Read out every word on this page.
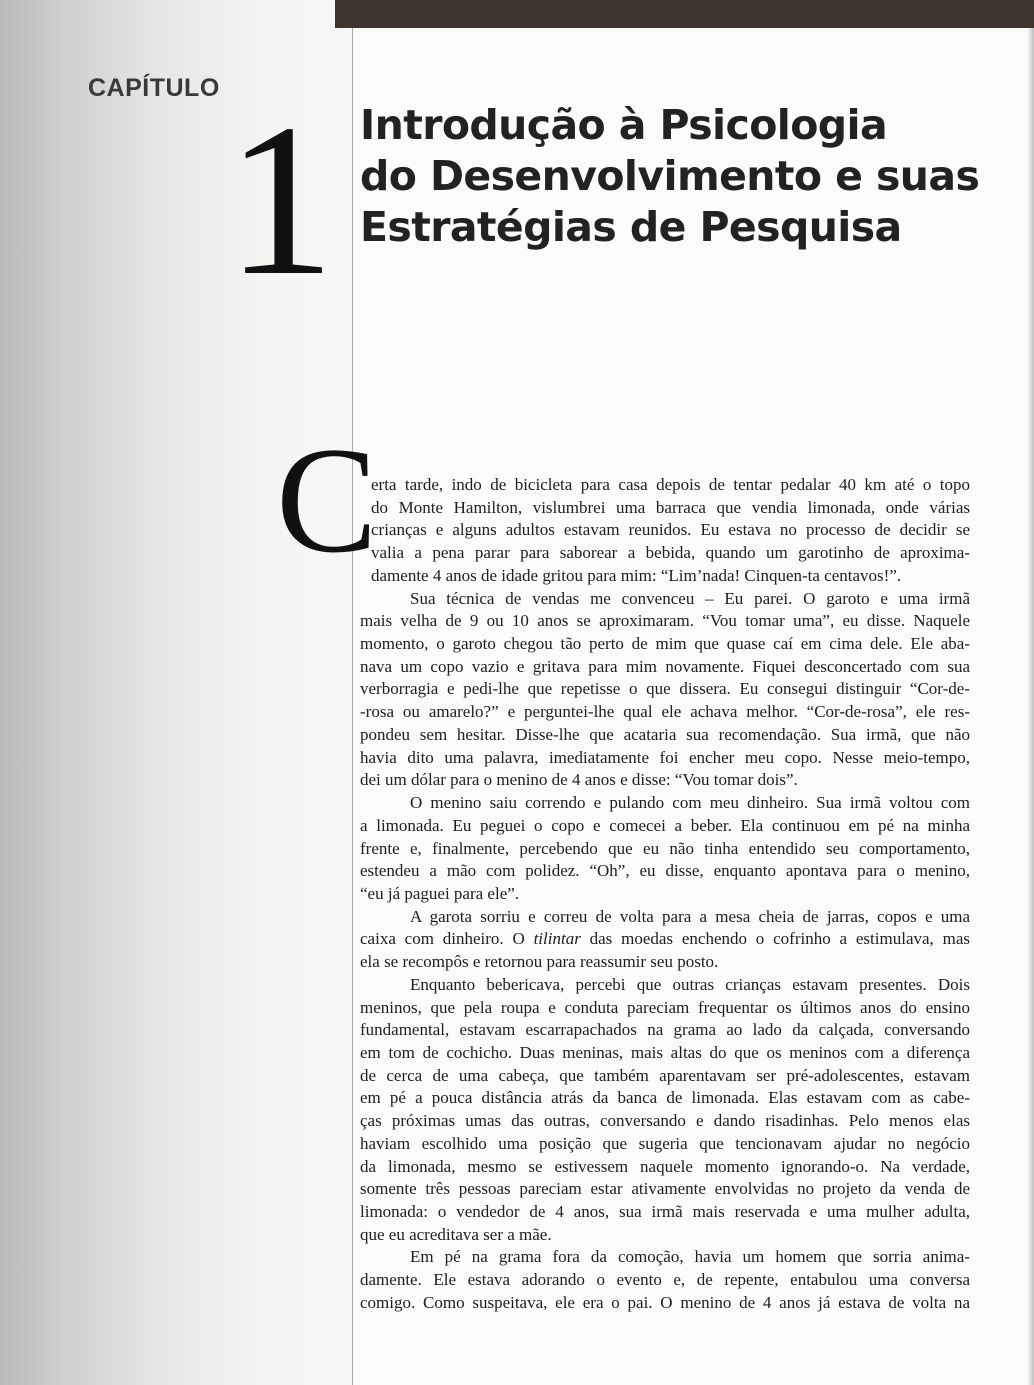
CAPÍTULO 1 Introdução à Psicologia
do Desenvolvimento e suas
Estratégias de Pesquisa
C
erta tarde, indo de bicicleta para casa depois de tentar pedalar 40 km até o topo
do Monte Hamilton, vislumbrei uma barraca que vendia limonada, onde várias
crianças e alguns adultos estavam reunidos. Eu estava no processo de decidir se
valia a pena parar para saborear a bebida, quando um garotinho de aproxima-
damente 4 anos de idade gritou para mim: “Lim’nada! Cinquen-ta centavos!”.
Sua técnica de vendas me convenceu – Eu parei. O garoto e uma irmã
mais velha de 9 ou 10 anos se aproximaram. “Vou tomar uma”, eu disse. Naquele
momento, o garoto chegou tão perto de mim que quase caí em cima dele. Ele aba-
nava um copo vazio e gritava para mim novamente. Fiquei desconcertado com sua
verborragia e pedi-lhe que repetisse o que dissera. Eu consegui distinguir “Cor-de-
-rosa ou amarelo?” e perguntei-lhe qual ele achava melhor. “Cor-de-rosa”, ele res-
pondeu sem hesitar. Disse-lhe que acataria sua recomendação. Sua irmã, que não
havia dito uma palavra, imediatamente foi encher meu copo. Nesse meio-tempo,
dei um dólar para o menino de 4 anos e disse: “Vou tomar dois”.
O menino saiu correndo e pulando com meu dinheiro. Sua irmã voltou com
a limonada. Eu peguei o copo e comecei a beber. Ela continuou em pé na minha
frente e, finalmente, percebendo que eu não tinha entendido seu comportamento,
estendeu a mão com polidez. “Oh”, eu disse, enquanto apontava para o menino,
“eu já paguei para ele”.
A garota sorriu e correu de volta para a mesa cheia de jarras, copos e uma
caixa com dinheiro. O tilintar das moedas enchendo o cofrinho a estimulava, mas
ela se recompôs e retornou para reassumir seu posto.
Enquanto bebericava, percebi que outras crianças estavam presentes. Dois
meninos, que pela roupa e conduta pareciam frequentar os últimos anos do ensino
fundamental, estavam escarrapachados na grama ao lado da calçada, conversando
em tom de cochicho. Duas meninas, mais altas do que os meninos com a diferença
de cerca de uma cabeça, que também aparentavam ser pré-adolescentes, estavam
em pé a pouca distância atrás da banca de limonada. Elas estavam com as cabe-
ças próximas umas das outras, conversando e dando risadinhas. Pelo menos elas
haviam escolhido uma posição que sugeria que tencionavam ajudar no negócio
da limonada, mesmo se estivessem naquele momento ignorando-o. Na verdade,
somente três pessoas pareciam estar ativamente envolvidas no projeto da venda de
limonada: o vendedor de 4 anos, sua irmã mais reservada e uma mulher adulta,
que eu acreditava ser a mãe.
Em pé na grama fora da comoção, havia um homem que sorria anima-
damente. Ele estava adorando o evento e, de repente, entabulou uma conversa
comigo. Como suspeitava, ele era o pai. O menino de 4 anos já estava de volta na
